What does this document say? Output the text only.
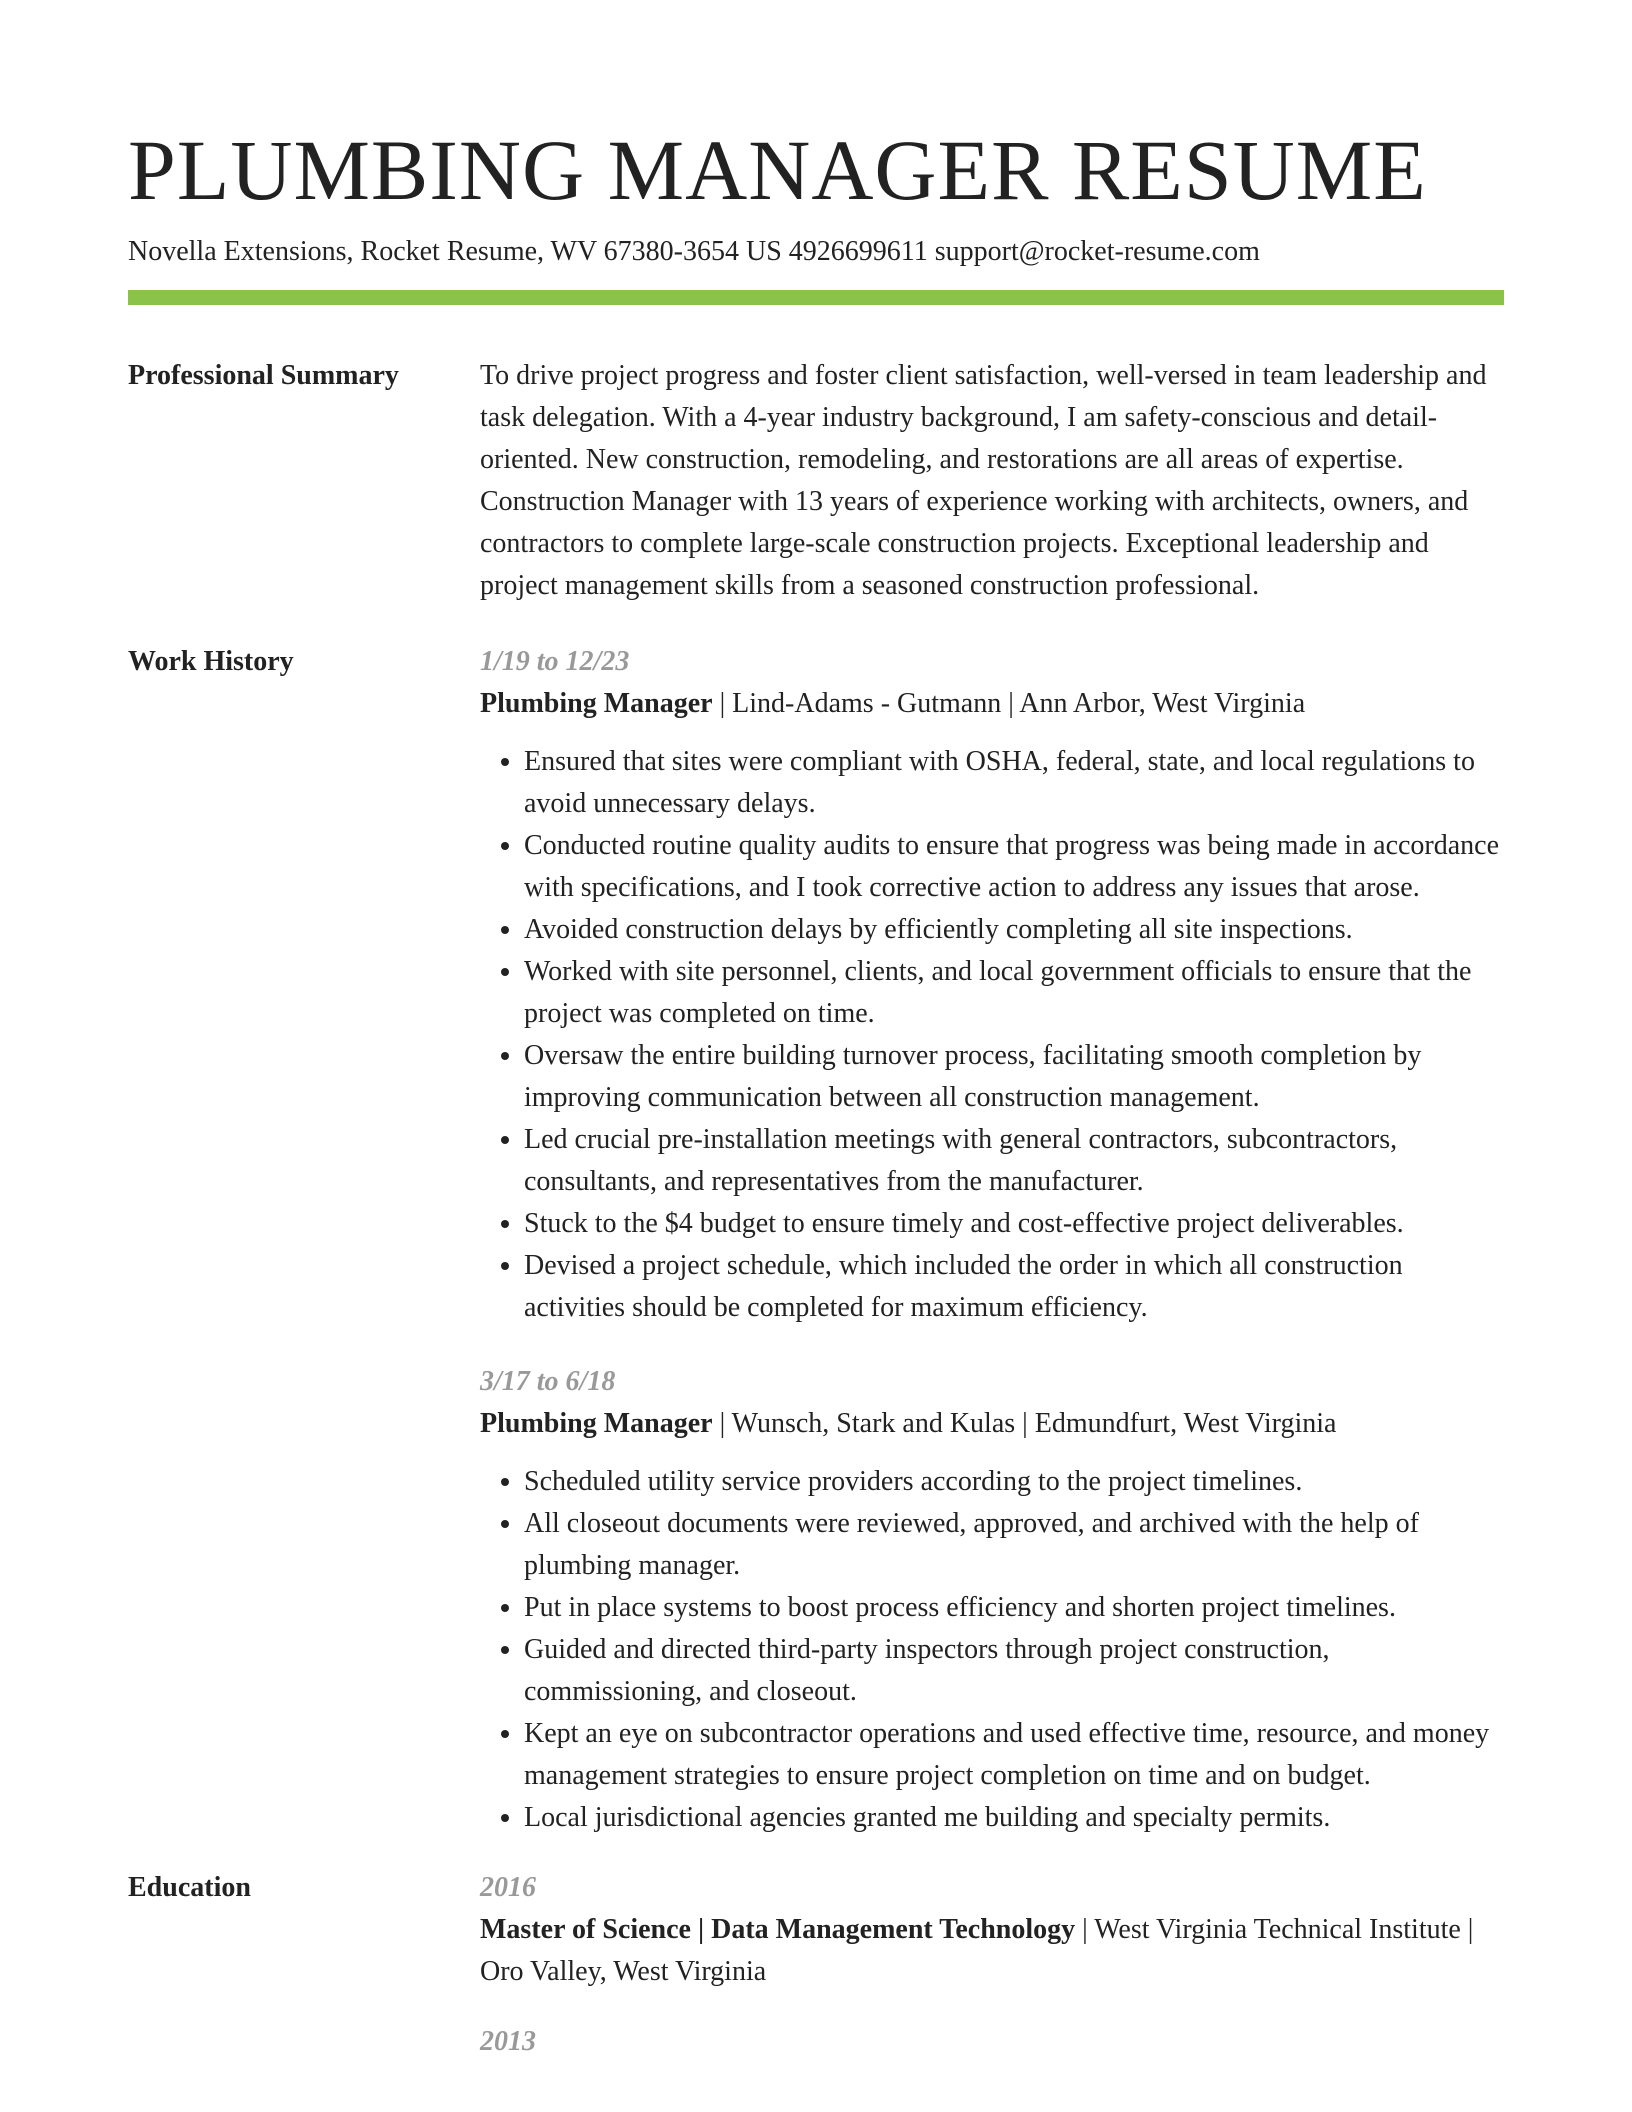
PLUMBING MANAGER RESUME
Novella Extensions, Rocket Resume, WV 67380-3654 US 4926699611 support@rocket-resume.com
Professional Summary	To drive project progress and foster client satisfaction, well-versed in team leadership and task delegation. With a 4-year industry background, I am safety-conscious and detail-oriented. New construction, remodeling, and restorations are all areas of expertise. Construction Manager with 13 years of experience working with architects, owners, and contractors to complete large-scale construction projects. Exceptional leadership and project management skills from a seasoned construction professional.
Work History	1/19 to 12/23
Plumbing Manager | Lind-Adams - Gutmann | Ann Arbor, West Virginia
• Ensured that sites were compliant with OSHA, federal, state, and local regulations to avoid unnecessary delays.
• Conducted routine quality audits to ensure that progress was being made in accordance with specifications, and I took corrective action to address any issues that arose.
• Avoided construction delays by efficiently completing all site inspections.
• Worked with site personnel, clients, and local government officials to ensure that the project was completed on time.
• Oversaw the entire building turnover process, facilitating smooth completion by improving communication between all construction management.
• Led crucial pre-installation meetings with general contractors, subcontractors, consultants, and representatives from the manufacturer.
• Stuck to the $4 budget to ensure timely and cost-effective project deliverables.
• Devised a project schedule, which included the order in which all construction activities should be completed for maximum efficiency.
3/17 to 6/18
Plumbing Manager | Wunsch, Stark and Kulas | Edmundfurt, West Virginia
• Scheduled utility service providers according to the project timelines.
• All closeout documents were reviewed, approved, and archived with the help of plumbing manager.
• Put in place systems to boost process efficiency and shorten project timelines.
• Guided and directed third-party inspectors through project construction, commissioning, and closeout.
• Kept an eye on subcontractor operations and used effective time, resource, and money management strategies to ensure project completion on time and on budget.
• Local jurisdictional agencies granted me building and specialty permits.
Education	2016
Master of Science | Data Management Technology | West Virginia Technical Institute | Oro Valley, West Virginia
2013
